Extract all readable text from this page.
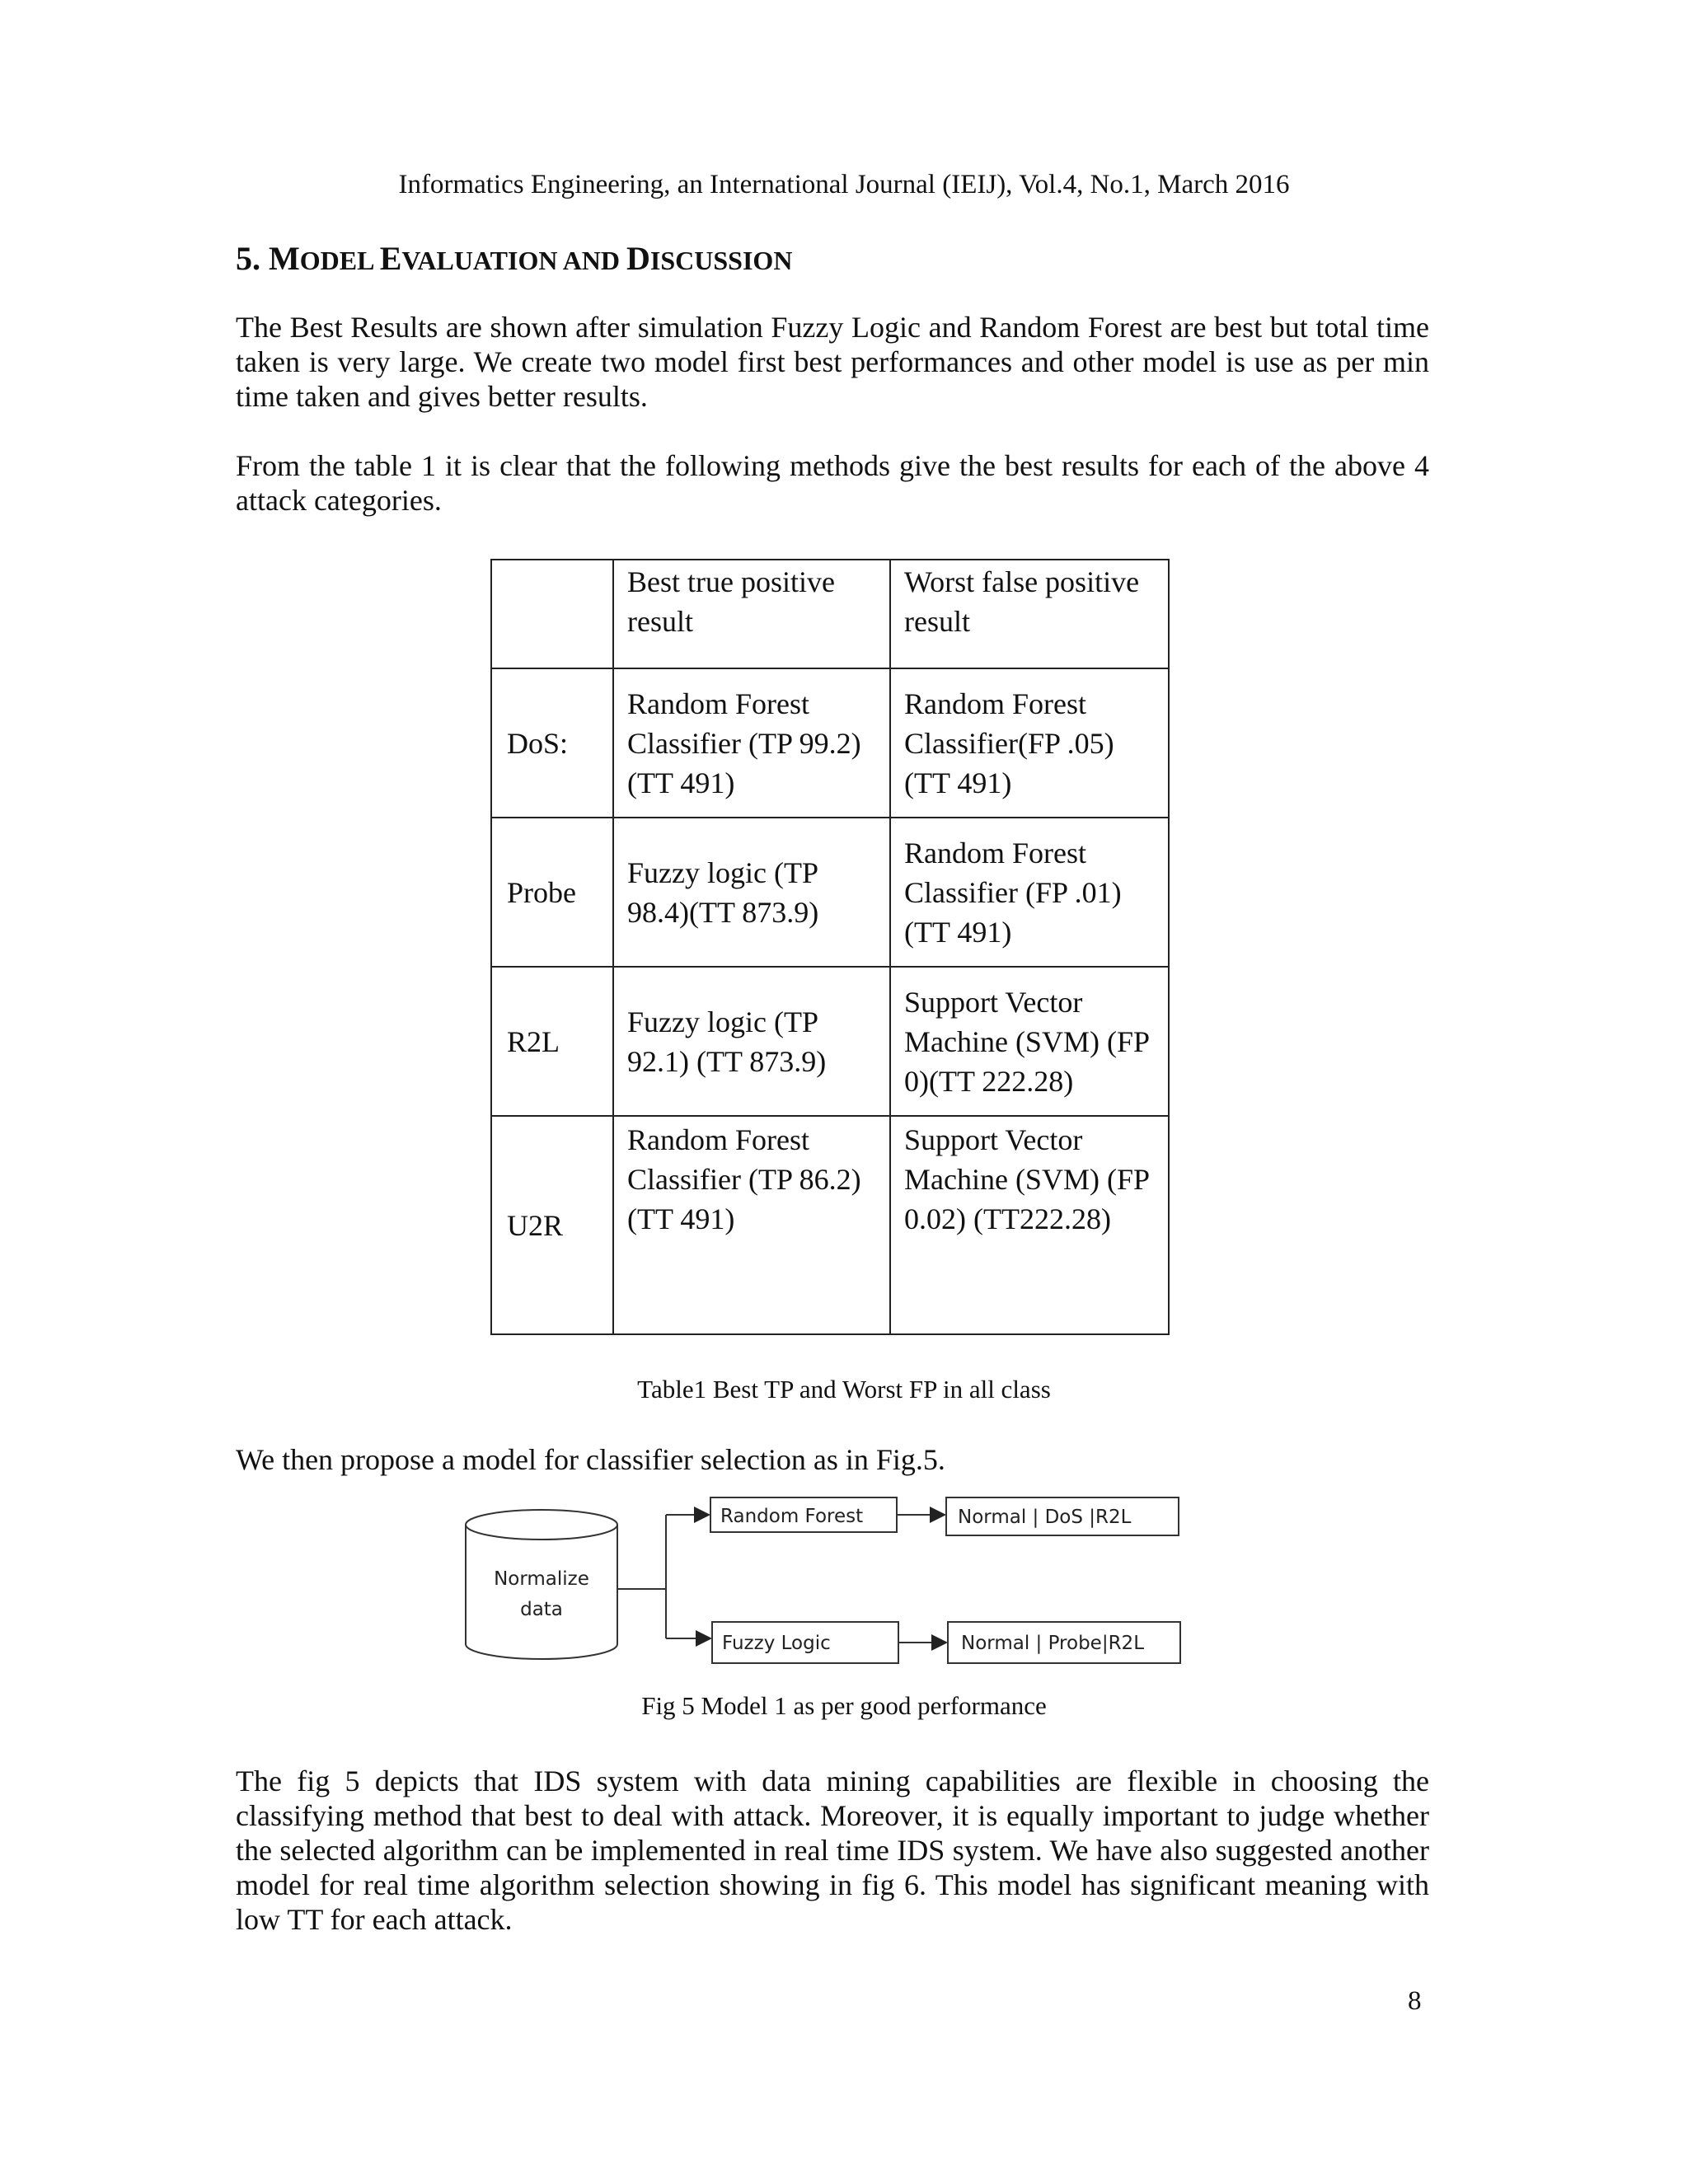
Informatics Engineering, an International Journal (IEIJ), Vol.4, No.1, March 2016
5. MODEL EVALUATION AND DISCUSSION

The Best Results are shown after simulation Fuzzy Logic and Random Forest are best but total time taken is very large. We create two model first best performances and other model is use as per min time taken and gives better results.

From the table 1 it is clear that the following methods give the best results for each of the above 4 attack categories.

	Best true positive result	Worst false positive result
DoS:	Random Forest Classifier (TP 99.2) (TT 491)	Random Forest Classifier(FP .05) (TT 491)
Probe	Fuzzy logic (TP 98.4)(TT 873.9)	Random Forest Classifier (FP .01) (TT 491)
R2L	Fuzzy logic (TP 92.1) (TT 873.9)	Support Vector Machine (SVM) (FP 0)(TT 222.28)
U2R	Random Forest Classifier (TP 86.2) (TT 491)	Support Vector Machine (SVM) (FP 0.02) (TT222.28)
Table1 Best TP and Worst FP in all class

We then propose a model for classifier selection as in Fig.5.

Normalize
data
Random Forest
Fuzzy Logic
Normal | DoS |R2L
Normal | Probe|R2L
Fig 5 Model 1 as per good performance

The fig 5 depicts that IDS system with data mining capabilities are flexible in choosing the classifying method that best to deal with attack. Moreover, it is equally important to judge whether the selected algorithm can be implemented in real time IDS system. We have also suggested another model for real time algorithm selection showing in fig 6. This model has significant meaning with low TT for each attack.

8
